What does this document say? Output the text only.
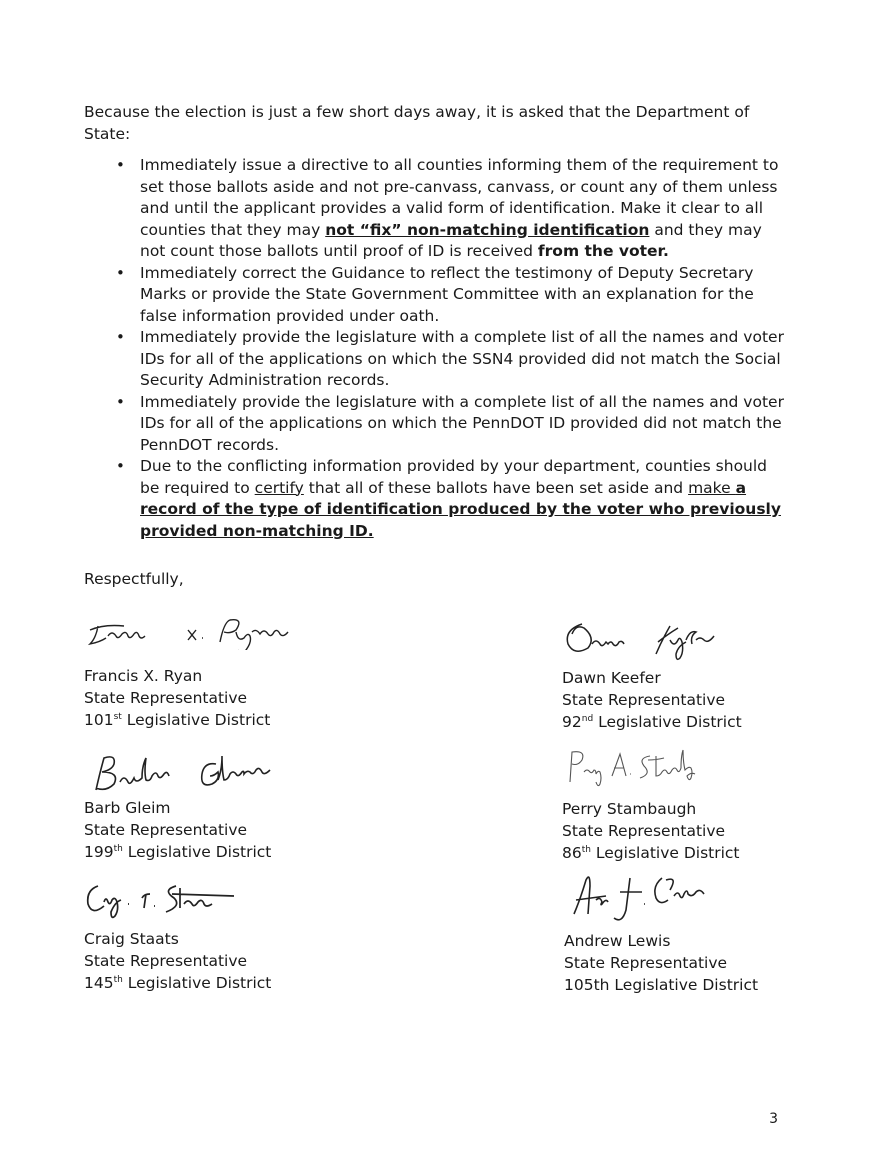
Because the election is just a few short days away, it is asked that the Department of State:

• Immediately issue a directive to all counties informing them of the requirement to set those ballots aside and not pre-canvass, canvass, or count any of them unless and until the applicant provides a valid form of identification. Make it clear to all counties that they may not “fix” non-matching identification and they may not count those ballots until proof of ID is received from the voter.
• Immediately correct the Guidance to reflect the testimony of Deputy Secretary Marks or provide the State Government Committee with an explanation for the false information provided under oath.
• Immediately provide the legislature with a complete list of all the names and voter IDs for all of the applications on which the SSN4 provided did not match the Social Security Administration records.
• Immediately provide the legislature with a complete list of all the names and voter IDs for all of the applications on which the PennDOT ID provided did not match the PennDOT records.
• Due to the conflicting information provided by your department, counties should be required to certify that all of these ballots have been set aside and make a record of the type of identification produced by the voter who previously provided non-matching ID.

Respectfully,

Francis X. Ryan
State Representative
101st Legislative District
Dawn Keefer
State Representative
92nd Legislative District
Barb Gleim
State Representative
199th Legislative District
Perry Stambaugh
State Representative
86th Legislative District
Craig Staats
State Representative
145th Legislative District
Andrew Lewis
State Representative
105th Legislative District
3
